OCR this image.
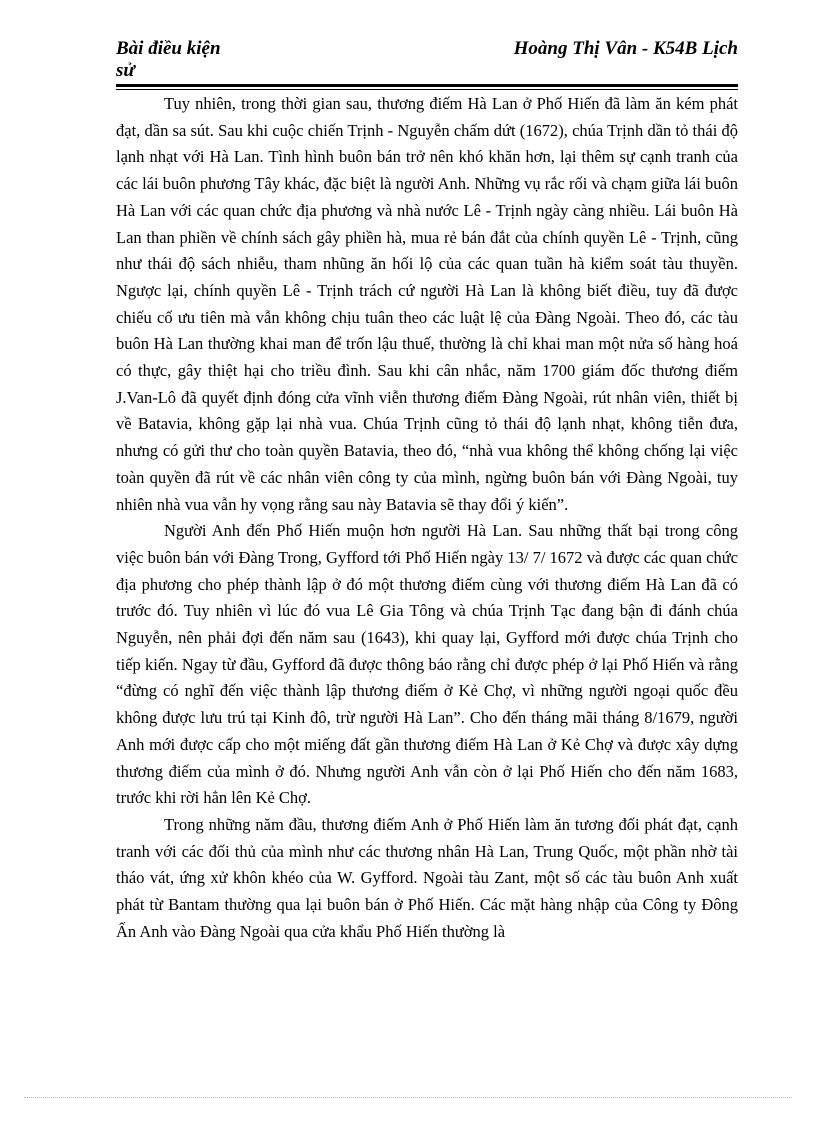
Bài điều kiện sử
Hoàng Thị Vân - K54B Lịch

Tuy nhiên, trong thời gian sau, thương điếm Hà Lan ở Phố Hiến đã làm ăn kém phát đạt, dần sa sút. Sau khi cuộc chiến Trịnh - Nguyễn chấm dứt (1672), chúa Trịnh dần tỏ thái độ lạnh nhạt với Hà Lan. Tình hình buôn bán trở nên khó khăn hơn, lại thêm sự cạnh tranh của các lái buôn phương Tây khác, đặc biệt là người Anh. Những vụ rắc rối và chạm giữa lái buôn Hà Lan với các quan chức địa phương và nhà nước Lê - Trịnh ngày càng nhiều. Lái buôn Hà Lan than phiền về chính sách gây phiền hà, mua rẻ bán đắt của chính quyền Lê - Trịnh, cũng như thái độ sách nhiễu, tham nhũng ăn hối lộ của các quan tuần hà kiểm soát tàu thuyền. Ngược lại, chính quyền Lê - Trịnh trách cứ người Hà Lan là không biết điều, tuy đã được chiếu cố ưu tiên mà vẫn không chịu tuân theo các luật lệ của Đàng Ngoài. Theo đó, các tàu buôn Hà Lan thường khai man để trốn lậu thuế, thường là chỉ khai man một nửa số hàng hoá có thực, gây thiệt hại cho triều đình. Sau khi cân nhắc, năm 1700 giám đốc thương điếm J.Van-Lô đã quyết định đóng cửa vĩnh viễn thương điếm Đàng Ngoài, rút nhân viên, thiết bị về Batavia, không gặp lại nhà vua. Chúa Trịnh cũng tỏ thái độ lạnh nhạt, không tiễn đưa, nhưng có gửi thư cho toàn quyền Batavia, theo đó, “nhà vua không thể không chống lại việc toàn quyền đã rút về các nhân viên công ty của mình, ngừng buôn bán với Đàng Ngoài, tuy nhiên nhà vua vẫn hy vọng rằng sau này Batavia sẽ thay đổi ý kiến”.

Người Anh đến Phố Hiến muộn hơn người Hà Lan. Sau những thất bại trong công việc buôn bán với Đàng Trong, Gyfford tới Phố Hiến ngày 13/ 7/ 1672 và được các quan chức địa phương cho phép thành lập ở đó một thương điếm cùng với thương điếm Hà Lan đã có trước đó. Tuy nhiên vì lúc đó vua Lê Gia Tông và chúa Trịnh Tạc đang bận đi đánh chúa Nguyễn, nên phải đợi đến năm sau (1643), khi quay lại, Gyfford mới được chúa Trịnh cho tiếp kiến. Ngay từ đầu, Gyfford đã được thông báo rằng chỉ được phép ở lại Phố Hiến và rằng “đừng có nghĩ đến việc thành lập thương điếm ở Kẻ Chợ, vì những người ngoại quốc đều không được lưu trú tại Kinh đô, trừ người Hà Lan”. Cho đến tháng mãi tháng 8/1679, người Anh mới được cấp cho một miếng đất gần thương điếm Hà Lan ở Kẻ Chợ và được xây dựng thương điếm của mình ở đó. Nhưng người Anh vẫn còn ở lại Phố Hiến cho đến năm 1683, trước khi rời hẳn lên Kẻ Chợ.

Trong những năm đầu, thương điếm Anh ở Phố Hiến làm ăn tương đối phát đạt, cạnh tranh với các đối thủ của mình như các thương nhân Hà Lan, Trung Quốc, một phần nhờ tài tháo vát, ứng xử khôn khéo của W. Gyfford. Ngoài tàu Zant, một số các tàu buôn Anh xuất phát từ Bantam thường qua lại buôn bán ở Phố Hiến. Các mặt hàng nhập của Công ty Đông Ấn Anh vào Đàng Ngoài qua cửa khẩu Phố Hiến thường là
